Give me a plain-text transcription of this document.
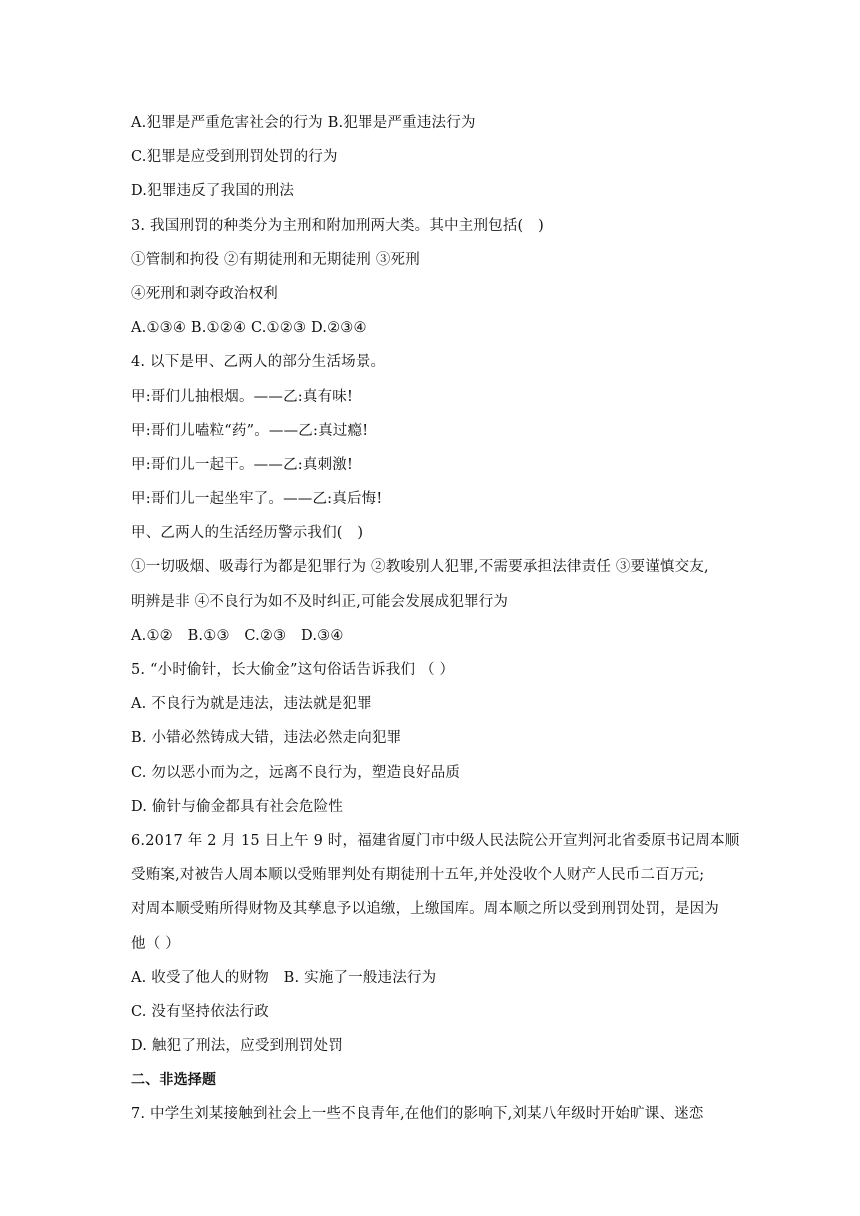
A.犯罪是严重危害社会的行为 B.犯罪是严重违法行为
C.犯罪是应受到刑罚处罚的行为
D.犯罪违反了我国的刑法
3. 我国刑罚的种类分为主刑和附加刑两大类。其中主刑包括(　)
①管制和拘役 ②有期徒刑和无期徒刑 ③死刑
④死刑和剥夺政治权利
A.①③④ B.①②④ C.①②③ D.②③④
4. 以下是甲、乙两人的部分生活场景。
甲:哥们儿抽根烟。——乙:真有味!
甲:哥们儿嗑粒“药”。——乙:真过瘾!
甲:哥们儿一起干。——乙:真刺激!
甲:哥们儿一起坐牢了。——乙:真后悔!
甲、乙两人的生活经历警示我们(　)
①一切吸烟、吸毒行为都是犯罪行为 ②教唆别人犯罪,不需要承担法律责任 ③要谨慎交友,
明辨是非 ④不良行为如不及时纠正,可能会发展成犯罪行为
A.①②　B.①③　C.②③　D.③④
5. “小时偷针，长大偷金”这句俗话告诉我们 （ ）
A. 不良行为就是违法，违法就是犯罪
B. 小错必然铸成大错，违法必然走向犯罪
C. 勿以恶小而为之，远离不良行为，塑造良好品质
D. 偷针与偷金都具有社会危险性
6.2017 年 2 月 15 日上午 9 时，福建省厦门市中级人民法院公开宣判河北省委原书记周本顺
受贿案,对被告人周本顺以受贿罪判处有期徒刑十五年,并处没收个人财产人民币二百万元;
对周本顺受贿所得财物及其孳息予以追缴，上缴国库。周本顺之所以受到刑罚处罚，是因为
他（ ）
A. 收受了他人的财物　B. 实施了一般违法行为
C. 没有坚持依法行政
D. 触犯了刑法，应受到刑罚处罚
二、非选择题
7. 中学生刘某接触到社会上一些不良青年,在他们的影响下,刘某八年级时开始旷课、迷恋
